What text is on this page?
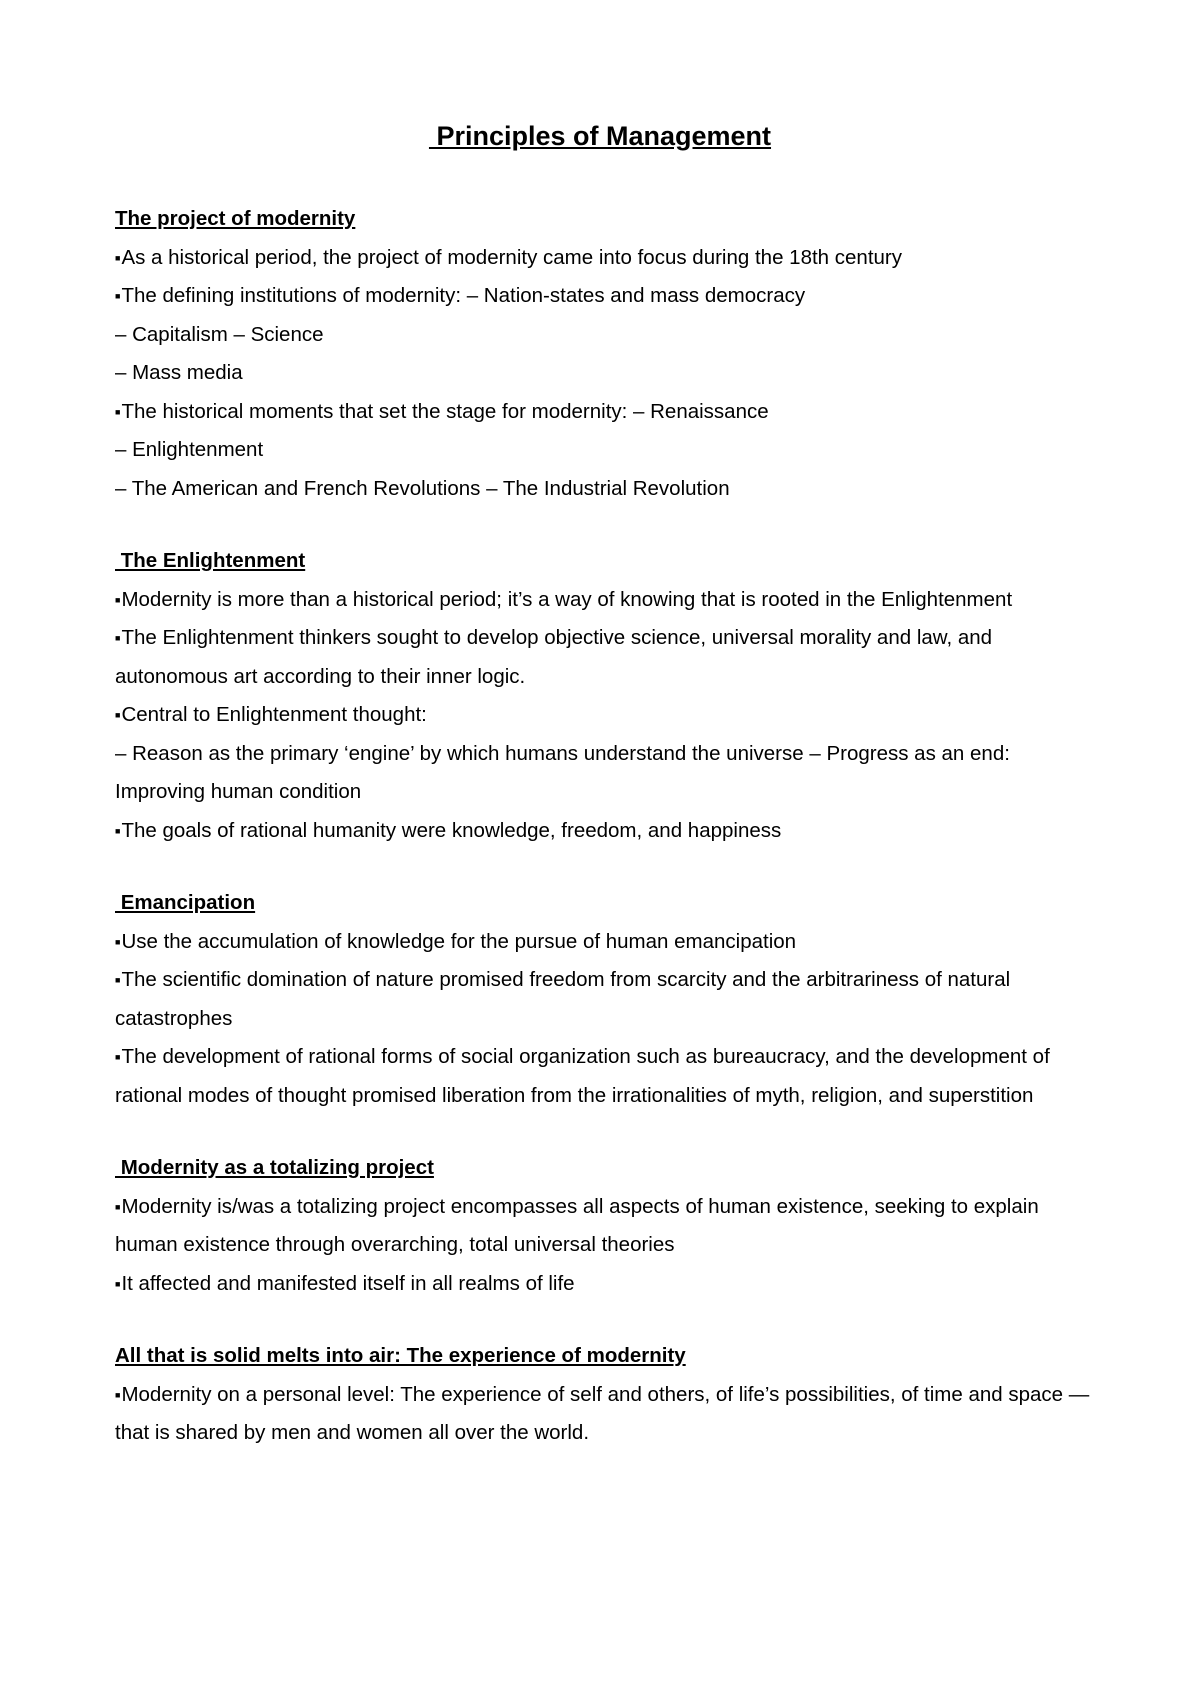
Principles of Management
The project of modernity
■As a historical period, the project of modernity came into focus during the 18th century
■The defining institutions of modernity: – Nation-states and mass democracy
– Capitalism – Science
– Mass media
■The historical moments that set the stage for modernity: – Renaissance
– Enlightenment
– The American and French Revolutions – The Industrial Revolution
The Enlightenment
■Modernity is more than a historical period; it’s a way of knowing that is rooted in the Enlightenment
■The Enlightenment thinkers sought to develop objective science, universal morality and law, and autonomous art according to their inner logic.
■Central to Enlightenment thought:
– Reason as the primary ‘engine’ by which humans understand the universe – Progress as an end: Improving human condition
■The goals of rational humanity were knowledge, freedom, and happiness
Emancipation
■Use the accumulation of knowledge for the pursue of human emancipation
■The scientific domination of nature promised freedom from scarcity and the arbitrariness of natural catastrophes
■The development of rational forms of social organization such as bureaucracy, and the development of rational modes of thought promised liberation from the irrationalities of myth, religion, and superstition
Modernity as a totalizing project
■Modernity is/was a totalizing project encompasses all aspects of human existence, seeking to explain human existence through overarching, total universal theories
■It affected and manifested itself in all realms of life
All that is solid melts into air: The experience of modernity
■Modernity on a personal level: The experience of self and others, of life’s possibilities, of time and space — that is shared by men and women all over the world.
